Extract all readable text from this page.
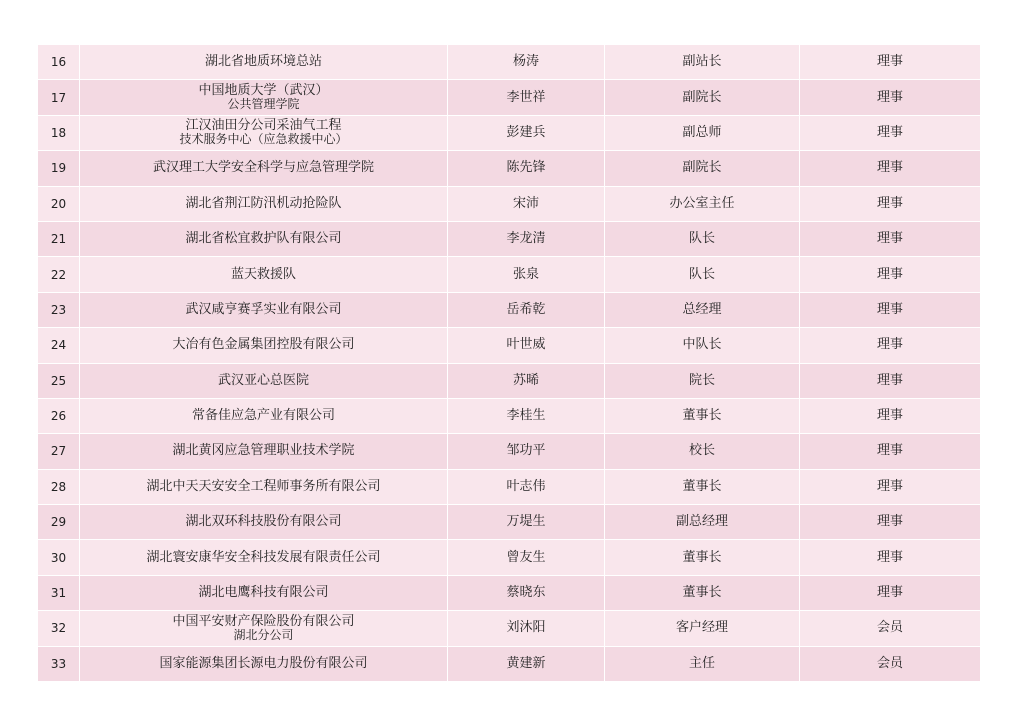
16	湖北省地质环境总站	杨涛	副站长	理事
17	中国地质大学（武汉）
公共管理学院	李世祥	副院长	理事
18	江汉油田分公司采油气工程
技术服务中心（应急救援中心）	彭建兵	副总师	理事
19	武汉理工大学安全科学与应急管理学院	陈先锋	副院长	理事
20	湖北省荆江防汛机动抢险队	宋沛	办公室主任	理事
21	湖北省松宜救护队有限公司	李龙清	队长	理事
22	蓝天救援队	张泉	队长	理事
23	武汉咸亨赛孚实业有限公司	岳希乾	总经理	理事
24	大冶有色金属集团控股有限公司	叶世威	中队长	理事
25	武汉亚心总医院	苏晞	院长	理事
26	常备佳应急产业有限公司	李桂生	董事长	理事
27	湖北黄冈应急管理职业技术学院	邹功平	校长	理事
28	湖北中天天安安全工程师事务所有限公司	叶志伟	董事长	理事
29	湖北双环科技股份有限公司	万堤生	副总经理	理事
30	湖北寰安康华安全科技发展有限责任公司	曾友生	董事长	理事
31	湖北电鹰科技有限公司	蔡晓东	董事长	理事
32	中国平安财产保险股份有限公司
湖北分公司	刘沐阳	客户经理	会员
33	国家能源集团长源电力股份有限公司	黄建新	主任	会员
